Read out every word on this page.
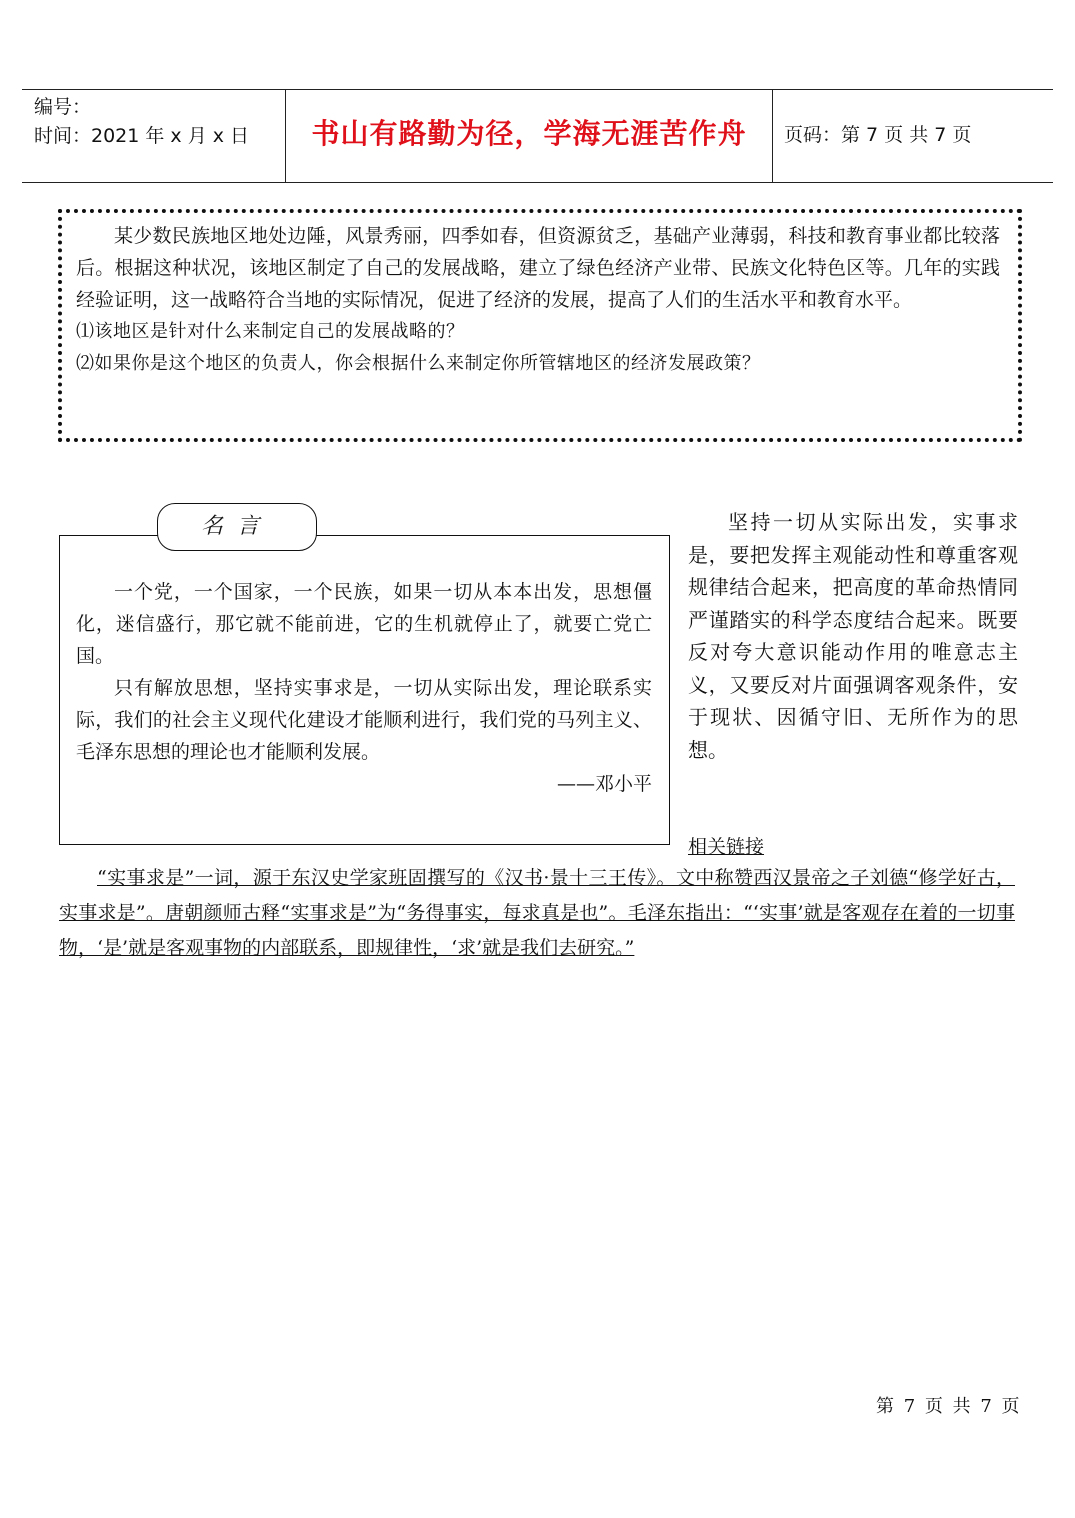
编号：
时间：2021 年 x 月 x 日	书山有路勤为径，学海无涯苦作舟	页码：第 7 页 共 7 页

某少数民族地区地处边陲，风景秀丽，四季如春，但资源贫乏，基础产业薄弱，科技和教育事业都比较落后。根据这种状况，该地区制定了自己的发展战略，建立了绿色经济产业带、民族文化特色区等。几年的实践经验证明，这一战略符合当地的实际情况，促进了经济的发展，提高了人们的生活水平和教育水平。

⑴该地区是针对什么来制定自己的发展战略的？

⑵如果你是这个地区的负责人，你会根据什么来制定你所管辖地区的经济发展政策？

名言

一个党，一个国家，一个民族，如果一切从本本出发，思想僵化，迷信盛行，那它就不能前进，它的生机就停止了，就要亡党亡国。

只有解放思想，坚持实事求是，一切从实际出发，理论联系实际，我们的社会主义现代化建设才能顺利进行，我们党的马列主义、毛泽东思想的理论也才能顺利发展。

——邓小平

坚持一切从实际出发，实事求是，要把发挥主观能动性和尊重客观规律结合起来，把高度的革命热情同严谨踏实的科学态度结合起来。既要反对夸大意识能动作用的唯意志主义，又要反对片面强调客观条件，安于现状、因循守旧、无所作为的思想。

相关链接

“实事求是”一词，源于东汉史学家班固撰写的《汉书·景十三王传》。文中称赞西汉景帝之子刘德“修学好古，实事求是”。唐朝颜师古释“实事求是”为“务得事实，每求真是也”。毛泽东指出：“‘实事’就是客观存在着的一切事物，‘是’就是客观事物的内部联系，即规律性，‘求’就是我们去研究。”

第 7 页 共 7 页
